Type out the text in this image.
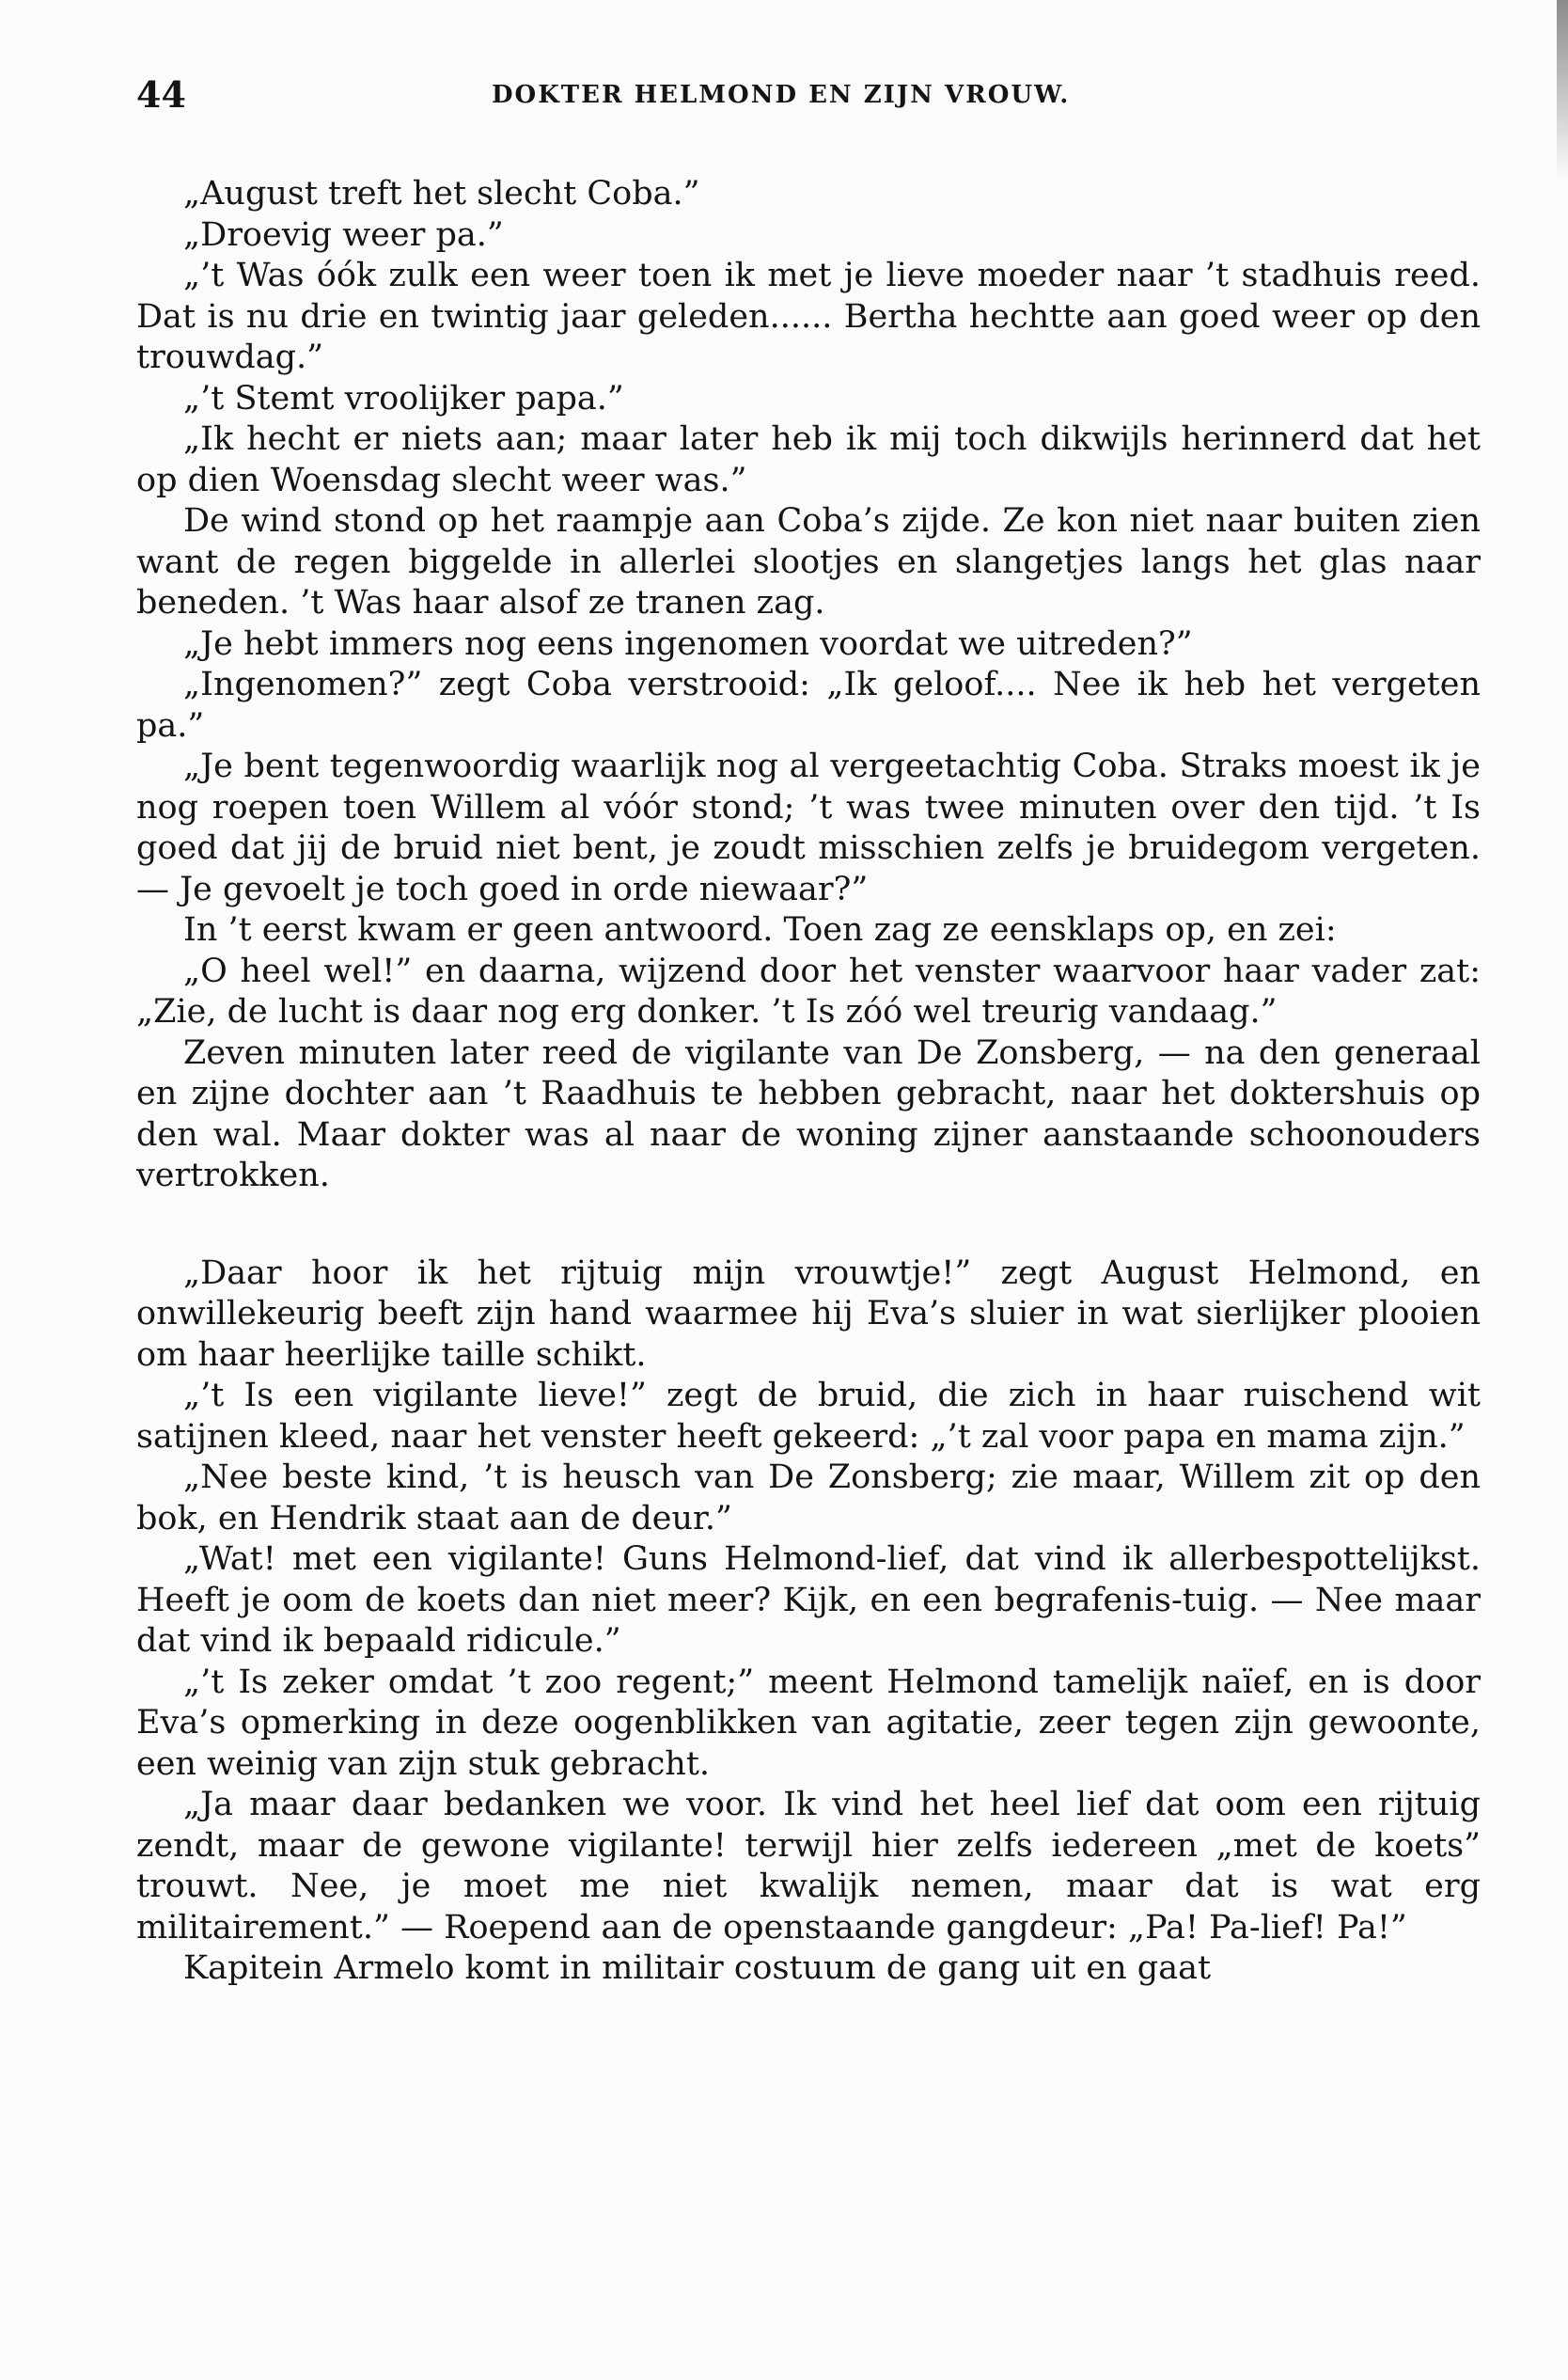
44	DOKTER HELMOND EN ZIJN VROUW.

„August treft het slecht Coba.”

„Droevig weer pa.”

„’t Was óók zulk een weer toen ik met je lieve moeder naar ’t stadhuis reed. Dat is nu drie en twintig jaar geleden...... Bertha hechtte aan goed weer op den trouwdag.”

„’t Stemt vroolijker papa.”

„Ik hecht er niets aan; maar later heb ik mij toch dikwijls herinnerd dat het op dien Woensdag slecht weer was.”

De wind stond op het raampje aan Coba’s zijde. Ze kon niet naar buiten zien want de regen biggelde in allerlei slootjes en slangetjes langs het glas naar beneden. ’t Was haar alsof ze tranen zag.

„Je hebt immers nog eens ingenomen voordat we uitreden?”

„Ingenomen?” zegt Coba verstrooid: „Ik geloof.... Nee ik heb het vergeten pa.”

„Je bent tegenwoordig waarlijk nog al vergeetachtig Coba. Straks moest ik je nog roepen toen Willem al vóór stond; ’t was twee minuten over den tijd. ’t Is goed dat jij de bruid niet bent, je zoudt misschien zelfs je bruidegom vergeten. — Je gevoelt je toch goed in orde niewaar?”

In ’t eerst kwam er geen antwoord. Toen zag ze eensklaps op, en zei:

„O heel wel!” en daarna, wijzend door het venster waarvoor haar vader zat: „Zie, de lucht is daar nog erg donker. ’t Is zóó wel treurig vandaag.”

Zeven minuten later reed de vigilante van De Zonsberg, — na den generaal en zijne dochter aan ’t Raadhuis te hebben gebracht, naar het doktershuis op den wal. Maar dokter was al naar de woning zijner aanstaande schoonouders vertrokken.

„Daar hoor ik het rijtuig mijn vrouwtje!” zegt August Helmond, en onwillekeurig beeft zijn hand waarmee hij Eva’s sluier in wat sierlijker plooien om haar heerlijke taille schikt.

„’t Is een vigilante lieve!” zegt de bruid, die zich in haar ruischend wit satijnen kleed, naar het venster heeft gekeerd: „’t zal voor papa en mama zijn.”

„Nee beste kind, ’t is heusch van De Zonsberg; zie maar, Willem zit op den bok, en Hendrik staat aan de deur.”

„Wat! met een vigilante! Guns Helmond-lief, dat vind ik allerbespottelijkst. Heeft je oom de koets dan niet meer? Kijk, en een begrafenis-tuig. — Nee maar dat vind ik bepaald ridicule.”

„’t Is zeker omdat ’t zoo regent;” meent Helmond tamelijk naïef, en is door Eva’s opmerking in deze oogenblikken van agitatie, zeer tegen zijn gewoonte, een weinig van zijn stuk gebracht.

„Ja maar daar bedanken we voor. Ik vind het heel lief dat oom een rijtuig zendt, maar de gewone vigilante! terwijl hier zelfs iedereen „met de koets” trouwt. Nee, je moet me niet kwalijk nemen, maar dat is wat erg militairement.” — Roepend aan de openstaande gangdeur: „Pa! Pa-lief! Pa!”

Kapitein Armelo komt in militair costuum de gang uit en gaat
